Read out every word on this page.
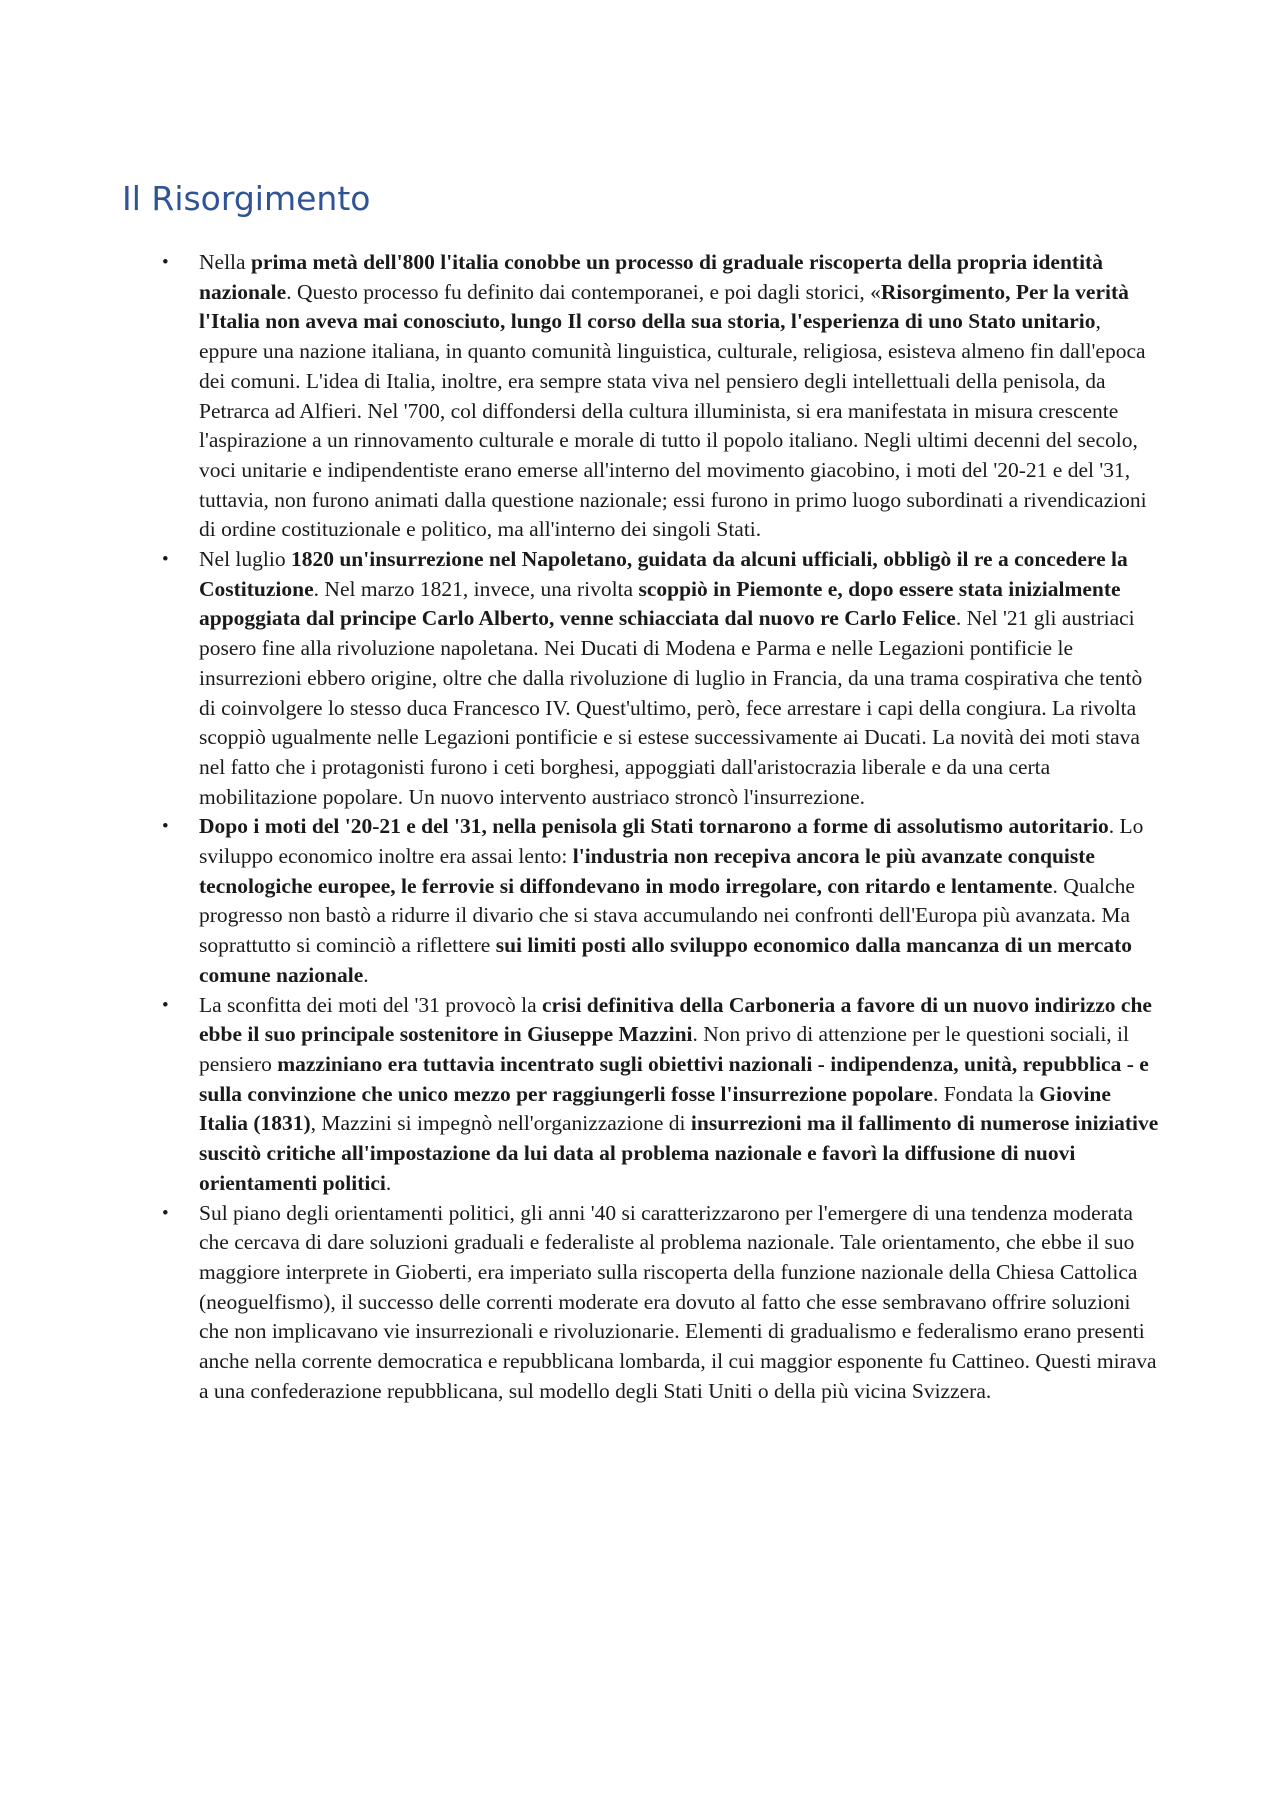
Il Risorgimento
• Nella prima metà dell'800 l'italia conobbe un processo di graduale riscoperta della propria identità nazionale. Questo processo fu definito dai contemporanei, e poi dagli storici, «Risorgimento, Per la verità l'Italia non aveva mai conosciuto, lungo Il corso della sua storia, l'esperienza di uno Stato unitario, eppure una nazione italiana, in quanto comunità linguistica, culturale, religiosa, esisteva almeno fin dall'epoca dei comuni. L'idea di Italia, inoltre, era sempre stata viva nel pensiero degli intellettuali della penisola, da Petrarca ad Alfieri. Nel '700, col diffondersi della cultura illuminista, si era manifestata in misura crescente l'aspirazione a un rinnovamento culturale e morale di tutto il popolo italiano. Negli ultimi decenni del secolo, voci unitarie e indipendentiste erano emerse all'interno del movimento giacobino, i moti del '20-21 e del '31, tuttavia, non furono animati dalla questione nazionale; essi furono in primo luogo subordinati a rivendicazioni di ordine costituzionale e politico, ma all'interno dei singoli Stati.
• Nel luglio 1820 un'insurrezione nel Napoletano, guidata da alcuni ufficiali, obbligò il re a concedere la Costituzione. Nel marzo 1821, invece, una rivolta scoppiò in Piemonte e, dopo essere stata inizialmente appoggiata dal principe Carlo Alberto, venne schiacciata dal nuovo re Carlo Felice. Nel '21 gli austriaci posero fine alla rivoluzione napoletana. Nei Ducati di Modena e Parma e nelle Legazioni pontificie le insurrezioni ebbero origine, oltre che dalla rivoluzione di luglio in Francia, da una trama cospirativa che tentò di coinvolgere lo stesso duca Francesco IV. Quest'ultimo, però, fece arrestare i capi della congiura. La rivolta scoppiò ugualmente nelle Legazioni pontificie e si estese successivamente ai Ducati. La novità dei moti stava nel fatto che i protagonisti furono i ceti borghesi, appoggiati dall'aristocrazia liberale e da una certa mobilitazione popolare. Un nuovo intervento austriaco stroncò l'insurrezione.
• Dopo i moti del '20-21 e del '31, nella penisola gli Stati tornarono a forme di assolutismo autoritario. Lo sviluppo economico inoltre era assai lento: l'industria non recepiva ancora le più avanzate conquiste tecnologiche europee, le ferrovie si diffondevano in modo irregolare, con ritardo e lentamente. Qualche progresso non bastò a ridurre il divario che si stava accumulando nei confronti dell'Europa più avanzata. Ma soprattutto si cominciò a riflettere sui limiti posti allo sviluppo economico dalla mancanza di un mercato comune nazionale.
• La sconfitta dei moti del '31 provocò la crisi definitiva della Carboneria a favore di un nuovo indirizzo che ebbe il suo principale sostenitore in Giuseppe Mazzini. Non privo di attenzione per le questioni sociali, il pensiero mazziniano era tuttavia incentrato sugli obiettivi nazionali - indipendenza, unità, repubblica - e sulla convinzione che unico mezzo per raggiungerli fosse l'insurrezione popolare. Fondata la Giovine Italia (1831), Mazzini si impegnò nell'organizzazione di insurrezioni ma il fallimento di numerose iniziative suscitò critiche all'impostazione da lui data al problema nazionale e favorì la diffusione di nuovi orientamenti politici.
• Sul piano degli orientamenti politici, gli anni '40 si caratterizzarono per l'emergere di una tendenza moderata che cercava di dare soluzioni graduali e federaliste al problema nazionale. Tale orientamento, che ebbe il suo maggiore interprete in Gioberti, era imperiato sulla riscoperta della funzione nazionale della Chiesa Cattolica (neoguelfismo), il successo delle correnti moderate era dovuto al fatto che esse sembravano offrire soluzioni che non implicavano vie insurrezionali e rivoluzionarie. Elementi di gradualismo e federalismo erano presenti anche nella corrente democratica e repubblicana lombarda, il cui maggior esponente fu Cattineo. Questi mirava a una confederazione repubblicana, sul modello degli Stati Uniti o della più vicina Svizzera.
